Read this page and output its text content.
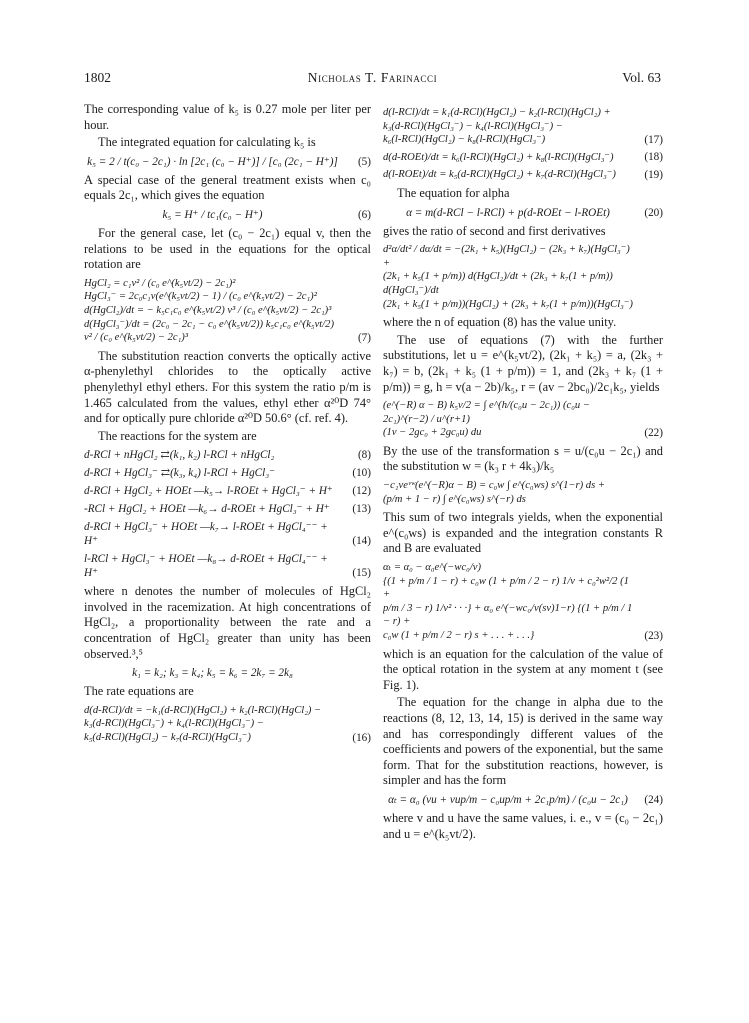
1802	Nicholas T. Farinacci	Vol. 63

The corresponding value of k₅ is 0.27 mole per liter per hour.

The integrated equation for calculating k₅ is

k₅ = 2 / t(c₀ − 2c₁) · ln [2c₁ (c₀ − H⁺)] / [c₀ (2c₁ − H⁺)] (5)

A special case of the general treatment exists when c₀ equals 2c₁, which gives the equation

k₅ = H⁺ / tc₁(c₀ − H⁺)	(6)

For the general case, let (c₀ − 2c₁) equal v, then the relations to be used in the equations for the optical rotation are

HgCl₂ = c₁v² / (c₀ e^(k₅vt/2) − 2c₁)²
HgCl₃⁻ = 2c₀c₁v(e^(k₅vt/2) − 1) / (c₀ e^(k₅vt/2) − 2c₁)²
d(HgCl₂)/dt = − k₅c₁c₀ e^(k₅vt/2) v³ / (c₀ e^(k₅vt/2) − 2c₁)³
d(HgCl₃⁻)/dt = (2c₀ − 2c₁ − c₀ e^(k₅vt/2)) k₅c₁c₀ e^(k₅vt/2) v² / (c₀ e^(k₅vt/2) − 2c₁)³	(7)

The substitution reaction converts the optically active α-phenylethyl chlorides to the optically active phenylethyl ethyl ethers. For this system the ratio p/m is 1.465 calculated from the values, ethyl ether α²⁰D 74° and for optically pure chloride α²⁰D 50.6° (cf. ref. 4).

The reactions for the system are

d-RCl + nHgCl₂ ⇄(k₁, k₂) l-RCl + nHgCl₂	(8)
d-RCl + HgCl₃⁻ ⇄(k₃, k₄) l-RCl + HgCl₃⁻	(10)
d-RCl + HgCl₂ + HOEt —k₅→ l-ROEt + HgCl₃⁻ + H⁺ (12)
-RCl + HgCl₂ + HOEt —k₆→ d-ROEt + HgCl₃⁻ + H⁺ (13)
d-RCl + HgCl₃⁻ + HOEt —k₇→ l-ROEt + HgCl₄⁻⁻ + H⁺	(14)
l-RCl + HgCl₃⁻ + HOEt —k₈→ d-ROEt + HgCl₄⁻⁻ + H⁺	(15)

where n denotes the number of molecules of HgCl₂ involved in the racemization. At high concentrations of HgCl₂, a proportionality between the rate and a concentration of HgCl₂ greater than unity has been observed.³,⁵

k₁ = k₂; k₃ = k₄; k₅ = k₆ = 2k₇ = 2k₈

The rate equations are

d(d-RCl)/dt = −k₁(d-RCl)(HgCl₂) + k₂(l-RCl)(HgCl₂) −
k₃(d-RCl)(HgCl₃⁻) + k₄(l-RCl)(HgCl₃⁻) −
k₅(d-RCl)(HgCl₂) − k₇(d-RCl)(HgCl₃⁻)	(16)
d(l-RCl)/dt = k₁(d-RCl)(HgCl₂) − k₂(l-RCl)(HgCl₂) +
k₃(d-RCl)(HgCl₃⁻) − k₄(l-RCl)(HgCl₃⁻) −
k₆(l-RCl)(HgCl₂) − k₈(l-RCl)(HgCl₃⁻)	(17)
d(d-ROEt)/dt = k₆(l-RCl)(HgCl₂) + k₈(l-RCl)(HgCl₃⁻)	(18)
d(l-ROEt)/dt = k₅(d-RCl)(HgCl₂) + k₇(d-RCl)(HgCl₃⁻)	(19)

The equation for alpha

α = m(d-RCl − l-RCl) + p(d-ROEt − l-ROEt)	(20)

gives the ratio of second and first derivatives

d²α/dt² / dα/dt = −(2k₁ + k₅)(HgCl₂) − (2k₃ + k₇)(HgCl₃⁻) +
(2k₁ + k₅(1 + p/m)) d(HgCl₂)/dt + (2k₃ + k₇(1 + p/m)) d(HgCl₃⁻)/dt
(2k₁ + k₅(1 + p/m))(HgCl₂) + (2k₃ + k₇(1 + p/m))(HgCl₃⁻)

where the n of equation (8) has the value unity.

The use of equations (7) with the further substitutions, let u = e^(k₅vt/2), (2k₁ + k₅) = a, (2k₃ + k₇) = b, (2k₁ + k₅ (1 + p/m)) = 1, and (2k₃ + k₇ (1 + p/m)) = g, h = v(a − 2b)/k₅, r = (av − 2bc₀)/2c₁k₅, yields

(e^(−R) α − B) k₅v/2 = ∫ e^(h/(c₀u − 2c₁)) (c₀u − 2c₁)^(r−2) / u^(r+1)
(1v − 2gc₀ + 2gc₀u) du	(22)

By the use of the transformation s = u/(c₀u − 2c₁) and the substitution w = (k₃ r + 4k₃)/k₅

−c₁veᵛʷ(e^(−R)α − B) = c₀w ∫ e^(c₀ws) s^(1−r) ds +
(p/m + 1 − r) ∫ e^(c₀ws) s^(−r) ds

This sum of two integrals yields, when the exponential e^(c₀ws) is expanded and the integration constants R and B are evaluated

αₜ = α₀ − α₀e^(−wc₀/v)
{(1 + p/m / 1 − r) + c₀w (1 + p/m / 2 − r) 1/v + c₀²w²/2 (1 +
p/m / 3 − r) 1/v² · · ·} + α₀ e^(−wc₀/v(sv)1−r) {(1 + p/m / 1 − r) +
c₀w (1 + p/m / 2 − r) s + . . . + . . .}	(23)

which is an equation for the calculation of the value of the optical rotation in the system at any moment t (see Fig. 1).

The equation for the change in alpha due to the reactions (8, 12, 13, 14, 15) is derived in the same way and has correspondingly different values of the coefficients and powers of the exponential, but the same form. That for the substitution reactions, however, is simpler and has the form

αₜ = α₀ (vu + vup/m − c₀up/m + 2c₁p/m) / (c₀u − 2c₁) (24)

where v and u have the same values, i. e., v = (c₀ − 2c₁) and u = e^(k₅vt/2).
